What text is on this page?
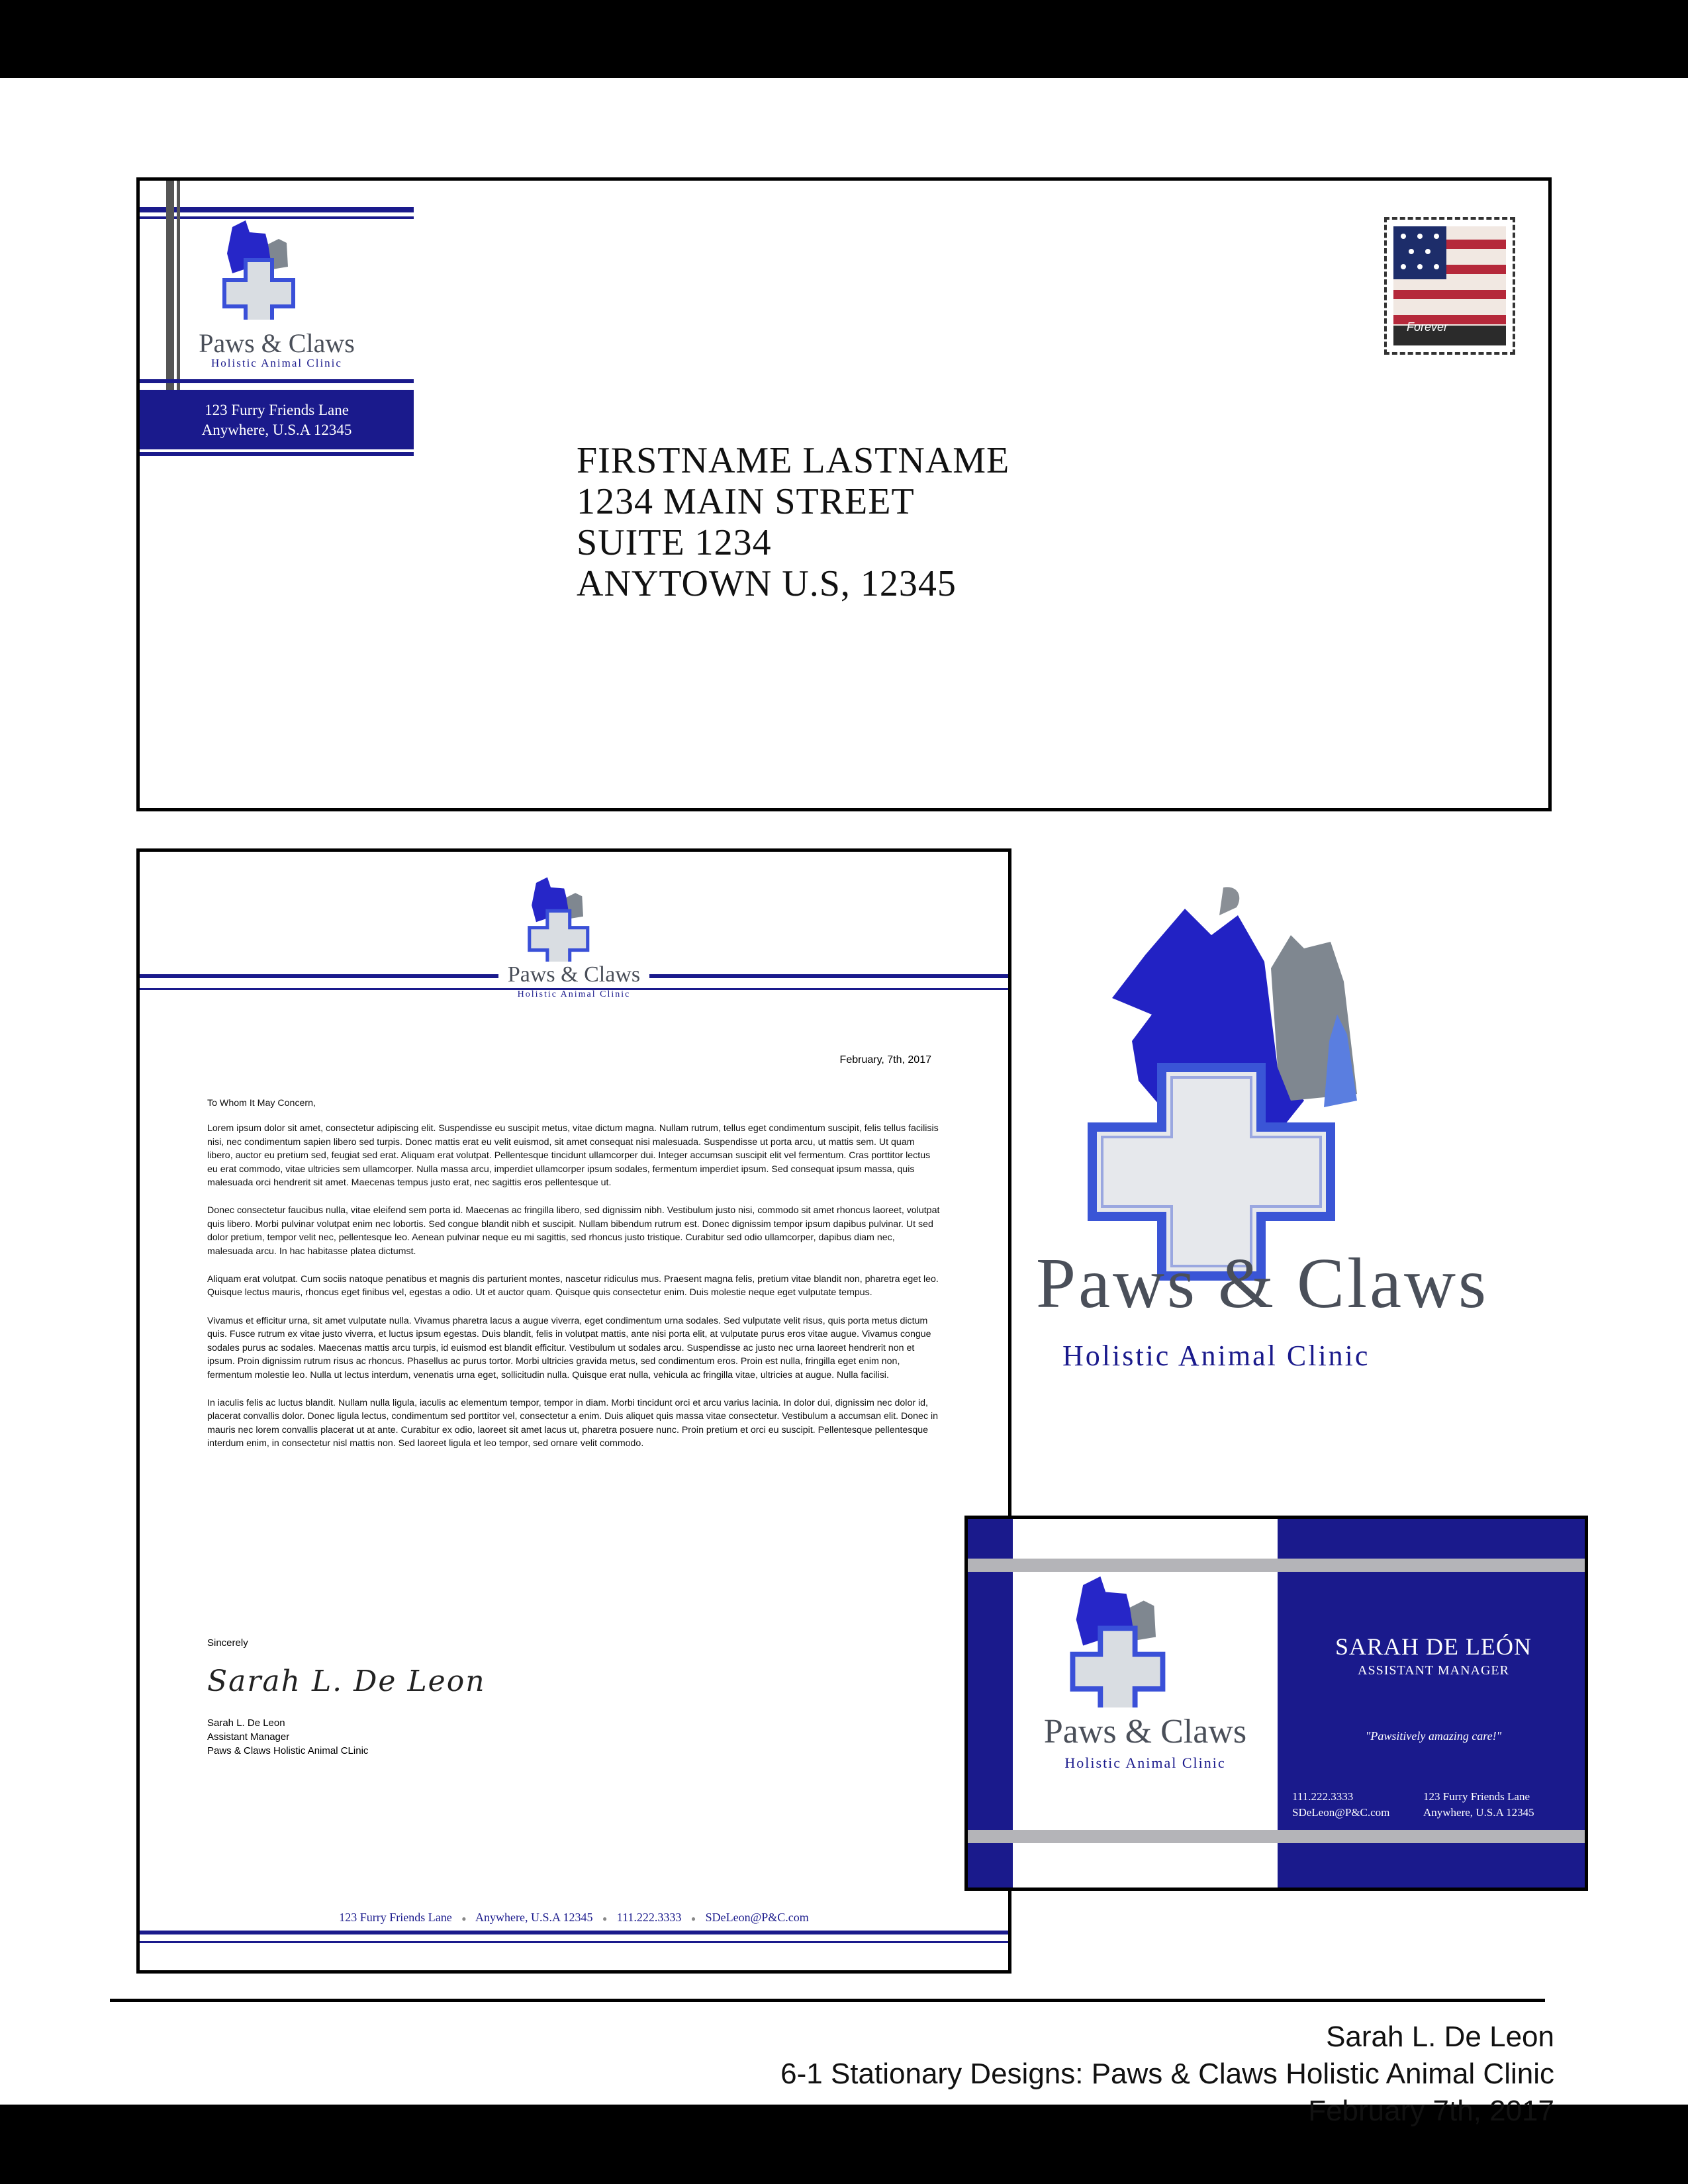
Paws & Claws
Holistic Animal Clinic
123 Furry Friends Lane
Anywhere, U.S.A 12345
Forever
FIRSTNAME LASTNAME
1234 MAIN STREET
SUITE 1234
ANYTOWN U.S, 12345
Paws & Claws
Holistic Animal Clinic
February, 7th, 2017

To Whom It May Concern,

Lorem ipsum dolor sit amet, consectetur adipiscing elit. Suspendisse eu suscipit metus, vitae dictum magna. Nullam rutrum, tellus eget condimentum suscipit, felis tellus facilisis nisi, nec condimentum sapien libero sed turpis. Donec mattis erat eu velit euismod, sit amet consequat nisi malesuada. Suspendisse ut porta arcu, ut mattis sem. Ut quam libero, auctor eu pretium sed, feugiat sed erat. Aliquam erat volutpat. Pellentesque tincidunt ullamcorper dui. Integer accumsan suscipit elit vel fermentum. Cras porttitor lectus eu erat commodo, vitae ultricies sem ullamcorper. Nulla massa arcu, imperdiet ullamcorper ipsum sodales, fermentum imperdiet ipsum. Sed consequat ipsum massa, quis malesuada orci hendrerit sit amet. Maecenas tempus justo erat, nec sagittis eros pellentesque ut.

Donec consectetur faucibus nulla, vitae eleifend sem porta id. Maecenas ac fringilla libero, sed dignissim nibh. Vestibulum justo nisi, commodo sit amet rhoncus laoreet, volutpat quis libero. Morbi pulvinar volutpat enim nec lobortis. Sed congue blandit nibh et suscipit. Nullam bibendum rutrum est. Donec dignissim tempor ipsum dapibus pulvinar. Ut sed dolor pretium, tempor velit nec, pellentesque leo. Aenean pulvinar neque eu mi sagittis, sed rhoncus justo tristique. Curabitur sed odio ullamcorper, dapibus diam nec, malesuada arcu. In hac habitasse platea dictumst.

Aliquam erat volutpat. Cum sociis natoque penatibus et magnis dis parturient montes, nascetur ridiculus mus. Praesent magna felis, pretium vitae blandit non, pharetra eget leo. Quisque lectus mauris, rhoncus eget finibus vel, egestas a odio. Ut et auctor quam. Quisque quis consectetur enim. Duis molestie neque eget vulputate tempus.

Vivamus et efficitur urna, sit amet vulputate nulla. Vivamus pharetra lacus a augue viverra, eget condimentum urna sodales. Sed vulputate velit risus, quis porta metus dictum quis. Fusce rutrum ex vitae justo viverra, et luctus ipsum egestas. Duis blandit, felis in volutpat mattis, ante nisi porta elit, at vulputate purus eros vitae augue. Vivamus congue sodales purus ac sodales. Maecenas mattis arcu turpis, id euismod est blandit efficitur. Vestibulum ut sodales arcu. Suspendisse ac justo nec urna laoreet hendrerit non et ipsum. Proin dignissim rutrum risus ac rhoncus. Phasellus ac purus tortor. Morbi ultricies gravida metus, sed condimentum eros. Proin est nulla, fringilla eget enim non, fermentum molestie leo. Nulla ut lectus interdum, venenatis urna eget, sollicitudin nulla. Quisque erat nulla, vehicula ac fringilla vitae, ultricies at augue. Nulla facilisi.

In iaculis felis ac luctus blandit. Nullam nulla ligula, iaculis ac elementum tempor, tempor in diam. Morbi tincidunt orci et arcu varius lacinia. In dolor dui, dignissim nec dolor id, placerat convallis dolor. Donec ligula lectus, condimentum sed porttitor vel, consectetur a enim. Duis aliquet quis massa vitae consectetur. Vestibulum a accumsan elit. Donec in mauris nec lorem convallis placerat ut at ante. Curabitur ex odio, laoreet sit amet lacus ut, pharetra posuere nunc. Proin pretium et orci eu suscipit. Pellentesque pellentesque interdum enim, in consectetur nisl mattis non. Sed laoreet ligula et leo tempor, sed ornare velit commodo.

Sincerely
Sarah L. De Leon
Sarah L. De Leon
Assistant Manager
Paws & Claws Holistic Animal CLinic
123 Furry Friends Lane ● Anywhere, U.S.A 12345 ● 111.222.3333 ● SDeLeon@P&C.com
Paws & Claws
Holistic Animal Clinic
Paws & Claws
Holistic Animal Clinic
SARAH DE LEÓN
ASSISTANT MANAGER
"Pawsitively amazing care!"
111.222.3333
SDeLeon@P&C.com
123 Furry Friends Lane
Anywhere, U.S.A 12345
Sarah L. De Leon
6-1 Stationary Designs: Paws & Claws Holistic Animal Clinic
February 7th, 2017
